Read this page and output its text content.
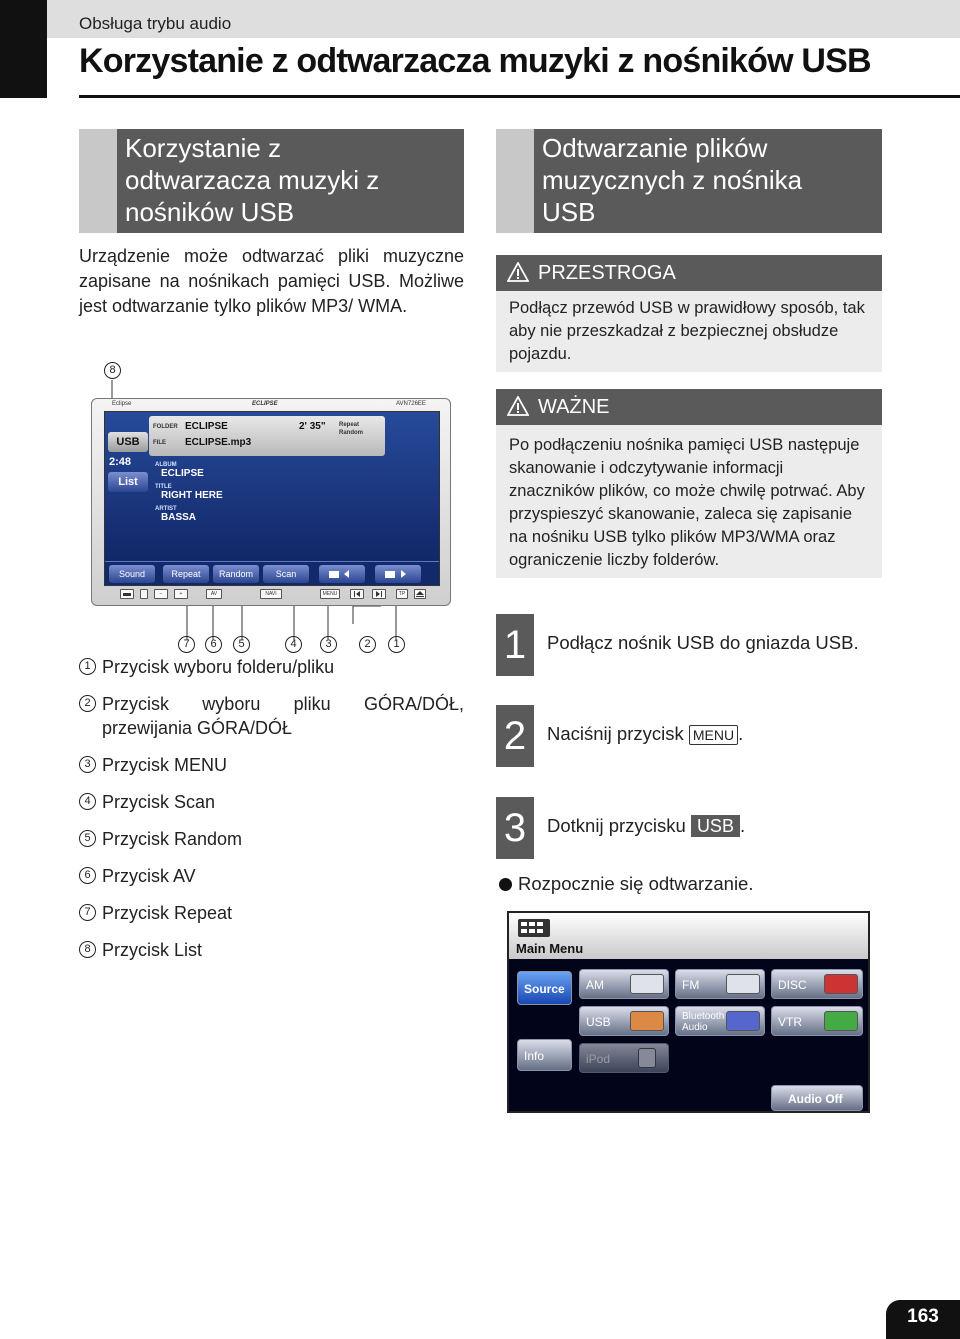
Obsługa trybu audio
Korzystanie z odtwarzacza muzyki z nośników USB
Korzystanie z
odtwarzacza muzyki z
nośników USB
Urządzenie może odtwarzać pliki muzyczne zapisane na nośnikach pamięci USB. Możliwe jest odtwarzanie tylko plików MP3/ WMA.
8
Eclipse	ECLIPSE	AVN726EE
FOLDER ECLIPSE
FILE ECLIPSE.mp3
2' 35" Repeat
Random
USB
2:48
List
ALBUM
ECLIPSE
TITLE
RIGHT HERE
ARTIST
BASSA
Sound	Repeat	Random	Scan
−	+	AV	NAVI	MENU	TP
7	6	5	4	3	2	1
1 Przycisk wyboru folderu/pliku
2 Przycisk wyboru pliku GÓRA/DÓŁ, przewijania GÓRA/DÓŁ
3 Przycisk MENU
4 Przycisk Scan
5 Przycisk Random
6 Przycisk AV
7 Przycisk Repeat
8 Przycisk List
Odtwarzanie plików
muzycznych z nośnika
USB
PRZESTROGA
Podłącz przewód USB w prawidłowy sposób, tak aby nie przeszkadzał z bezpiecznej obsłudze pojazdu.
WAŻNE
Po podłączeniu nośnika pamięci USB następuje skanowanie i odczytywanie informacji znaczników plików, co może chwilę potrwać. Aby przyspieszyć skanowanie, zaleca się zapisanie na nośniku USB tylko plików MP3/WMA oraz ograniczenie liczby folderów.
1	Podłącz nośnik USB do gniazda USB.
2	Naciśnij przycisk MENU .
3	Dotknij przycisku USB .
Rozpocznie się odtwarzanie.
Main Menu
Source
Info
AM	FM	DISC
USB	Bluetooth
Audio	VTR
iPod
Audio Off
163
